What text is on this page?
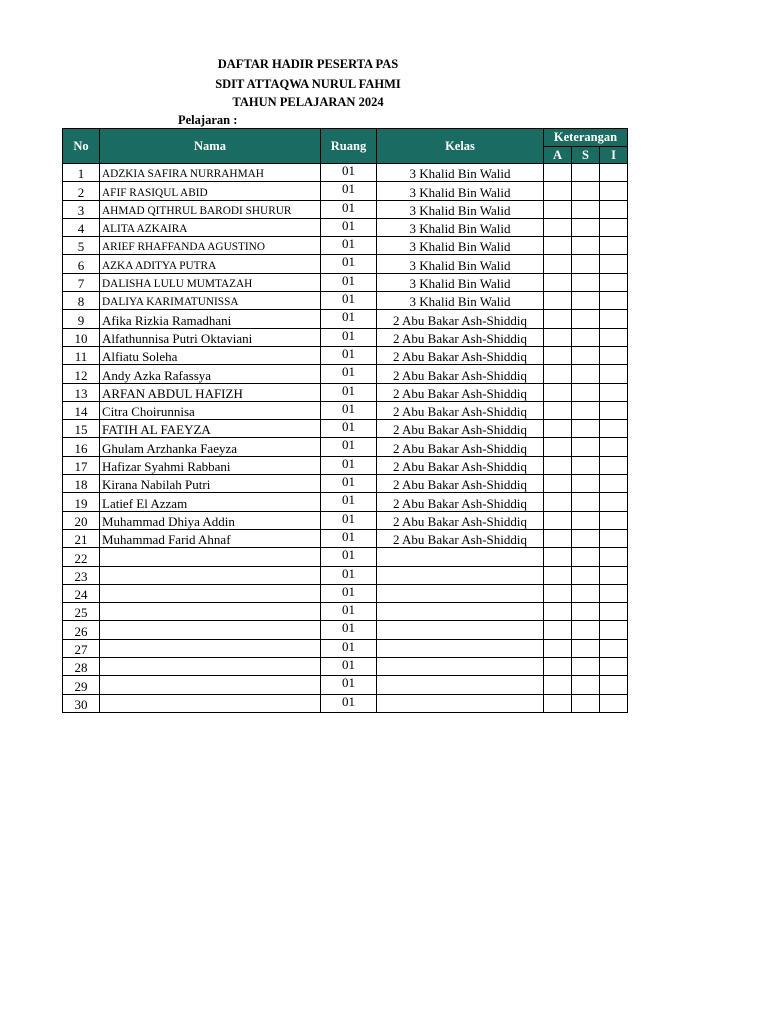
DAFTAR HADIR PESERTA PAS
SDIT ATTAQWA NURUL FAHMI
TAHUN PELAJARAN 2024
Pelajaran :
No	Nama	Ruang	Kelas	Keterangan		
				A	S	I
1	ADZKIA SAFIRA NURRAHMAH	01	3 Khalid Bin Walid			
2	AFIF RASIQUL ABID	01	3 Khalid Bin Walid			
3	AHMAD QITHRUL BARODI SHURUR	01	3 Khalid Bin Walid			
4	ALITA AZKAIRA	01	3 Khalid Bin Walid			
5	ARIEF RHAFFANDA AGUSTINO	01	3 Khalid Bin Walid			
6	AZKA ADITYA PUTRA	01	3 Khalid Bin Walid			
7	DALISHA LULU MUMTAZAH	01	3 Khalid Bin Walid			
8	DALIYA KARIMATUNISSA	01	3 Khalid Bin Walid			
9	Afika Rizkia Ramadhani	01	2 Abu Bakar Ash-Shiddiq			
10	Alfathunnisa Putri Oktaviani	01	2 Abu Bakar Ash-Shiddiq			
11	Alfiatu Soleha	01	2 Abu Bakar Ash-Shiddiq			
12	Andy Azka Rafassya	01	2 Abu Bakar Ash-Shiddiq			
13	ARFAN ABDUL HAFIZH	01	2 Abu Bakar Ash-Shiddiq			
14	Citra Choirunnisa	01	2 Abu Bakar Ash-Shiddiq			
15	FATIH AL FAEYZA	01	2 Abu Bakar Ash-Shiddiq			
16	Ghulam Arzhanka Faeyza	01	2 Abu Bakar Ash-Shiddiq			
17	Hafizar Syahmi Rabbani	01	2 Abu Bakar Ash-Shiddiq			
18	Kirana Nabilah Putri	01	2 Abu Bakar Ash-Shiddiq			
19	Latief El Azzam	01	2 Abu Bakar Ash-Shiddiq			
20	Muhammad Dhiya Addin	01	2 Abu Bakar Ash-Shiddiq			
21	Muhammad Farid Ahnaf	01	2 Abu Bakar Ash-Shiddiq			
22		01				
23		01				
24		01				
25		01				
26		01				
27		01				
28		01				
29		01				
30		01				
